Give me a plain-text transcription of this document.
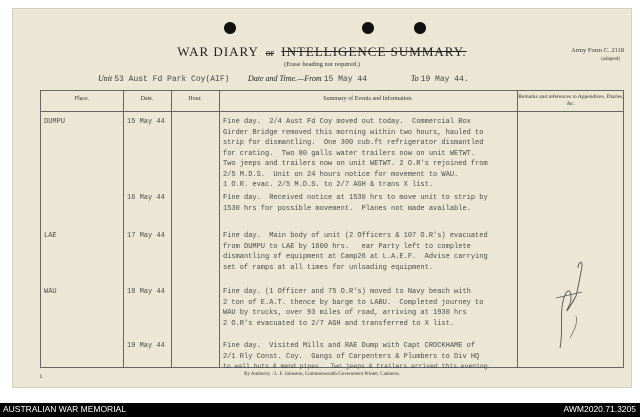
WAR DIARY or INTELLIGENCE SUMMARY.
(Erase heading not required.)
Army Form C. 2118
(adapted)
Unit 53 Aust Fd Park Coy(AIF) Date and Time.—From 15 May 44	To 19 May 44.
Place.	Date.	Hour.	Summary of Events and Information.	Remarks and references to Appendices, Diaries, &c.
DUMPU	15 May 44	Fine day.  2/4 Aust Fd Coy moved out today.  Commercial Box
Girder Bridge removed this morning within two hours, hauled to
strip for dismantling.  One 300 cub.ft refrigerator dismantled
for crating.  Two 80 galls water trailers now on unit WETWT.
Two jeeps and trailers now on unit WETWT. 2 O.R's rejoined from
2/5 M.D.S.  Unit on 24 hours notice for movement to WAU.
1 O.R. evac. 2/5 M.D.S. to 2/7 AGH & trans X list.
16 May 44	Fine day.  Received notice at 1530 hrs to move unit to strip by
1530 hrs for possible movement.  Planes not made available.
LAE	17 May 44	Fine day.  Main body of unit (2 Officers & 107 O.R's) evacuated
from DUMPU to LAE by 1600 hrs.   ear Party left to complete
dismantling of equipment at Camp26 at L.A.E.F.  Advise carrying
set of ramps at all times for unloading equipment.
WAU	18 May 44	Fine day. (1 Officer and 75 O.R's) moved to Navy beach with
2 ton of E.A.T. thence by barge to LABU.  Completed journey to
WAU by trucks, over 93 miles of road, arriving at 1930 hrs
2 O.R's evacuated to 2/7 AGH and transferred to X list.
19 May 44	Fine day.  Visited Mills and RAE Dump with Capt CROCKHAME of
2/1 Rly Const. Coy.  Gangs of Carpenters & Plumbers to Div HQ
to wall huts & mend pipes.  Two jeeps & trailers arrived this evening.
L
By Authority : L. F. Johnston, Commonwealth Government Printer, Canberra.
AUSTRALIAN WAR MEMORIAL	AWM2020.71.3205
